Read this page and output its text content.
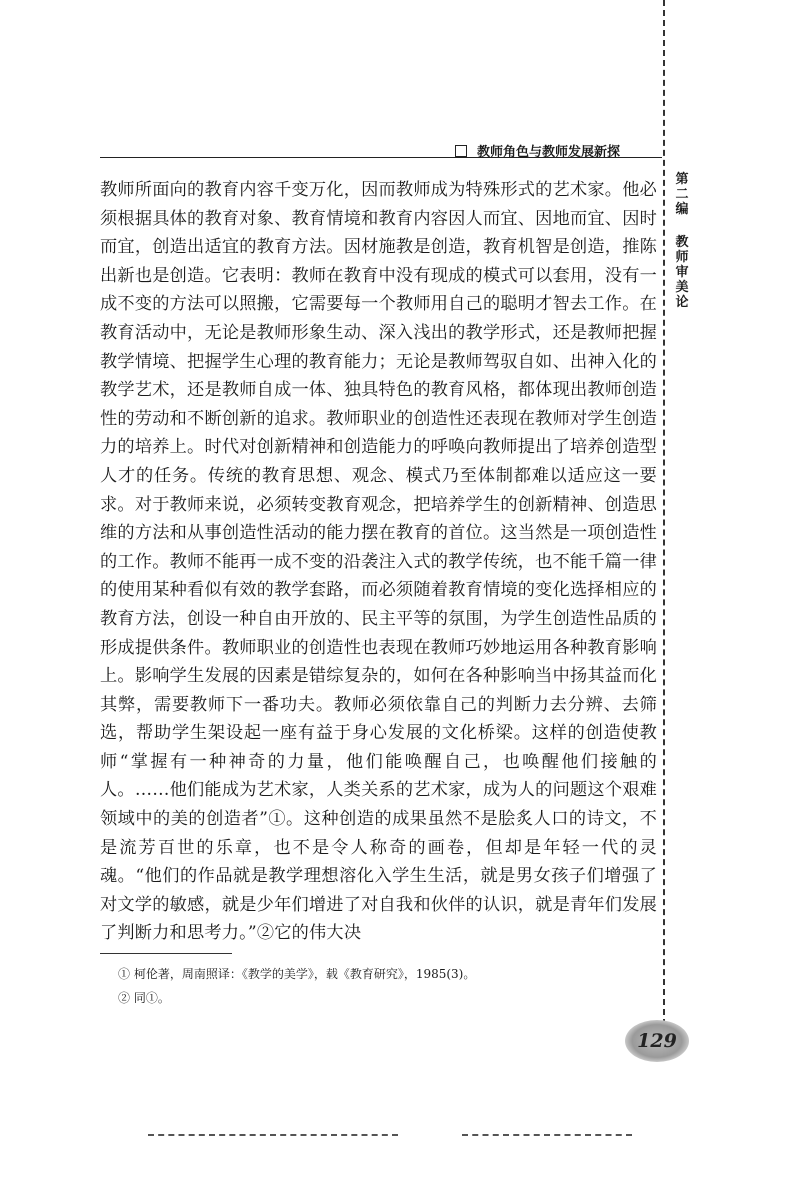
教师角色与教师发展新探
第二编
教师审美论

教师所面向的教育内容千变万化，因而教师成为特殊形式的艺术家。他必须根据具体的教育对象、教育情境和教育内容因人而宜、因地而宜、因时而宜，创造出适宜的教育方法。因材施教是创造，教育机智是创造，推陈出新也是创造。它表明：教师在教育中没有现成的模式可以套用，没有一成不变的方法可以照搬，它需要每一个教师用自己的聪明才智去工作。在教育活动中，无论是教师形象生动、深入浅出的教学形式，还是教师把握教学情境、把握学生心理的教育能力；无论是教师驾驭自如、出神入化的教学艺术，还是教师自成一体、独具特色的教育风格，都体现出教师创造性的劳动和不断创新的追求。教师职业的创造性还表现在教师对学生创造力的培养上。时代对创新精神和创造能力的呼唤向教师提出了培养创造型人才的任务。传统的教育思想、观念、模式乃至体制都难以适应这一要求。对于教师来说，必须转变教育观念，把培养学生的创新精神、创造思维的方法和从事创造性活动的能力摆在教育的首位。这当然是一项创造性的工作。教师不能再一成不变的沿袭注入式的教学传统，也不能千篇一律的使用某种看似有效的教学套路，而必须随着教育情境的变化选择相应的教育方法，创设一种自由开放的、民主平等的氛围，为学生创造性品质的形成提供条件。教师职业的创造性也表现在教师巧妙地运用各种教育影响上。影响学生发展的因素是错综复杂的，如何在各种影响当中扬其益而化其弊，需要教师下一番功夫。教师必须依靠自己的判断力去分辨、去筛选，帮助学生架设起一座有益于身心发展的文化桥梁。这样的创造使教师“掌握有一种神奇的力量，他们能唤醒自己，也唤醒他们接触的人。……他们能成为艺术家，人类关系的艺术家，成为人的问题这个艰难领域中的美的创造者”①。这种创造的成果虽然不是脍炙人口的诗文，不是流芳百世的乐章，也不是令人称奇的画卷，但却是年轻一代的灵魂。“他们的作品就是教学理想溶化入学生生活，就是男女孩子们增强了对文学的敏感，就是少年们增进了对自我和伙伴的认识，就是青年们发展了判断力和思考力。”②它的伟大决

① 柯伦著，周南照译：《教学的美学》，载《教育研究》，1985(3)。
② 同①。
129
